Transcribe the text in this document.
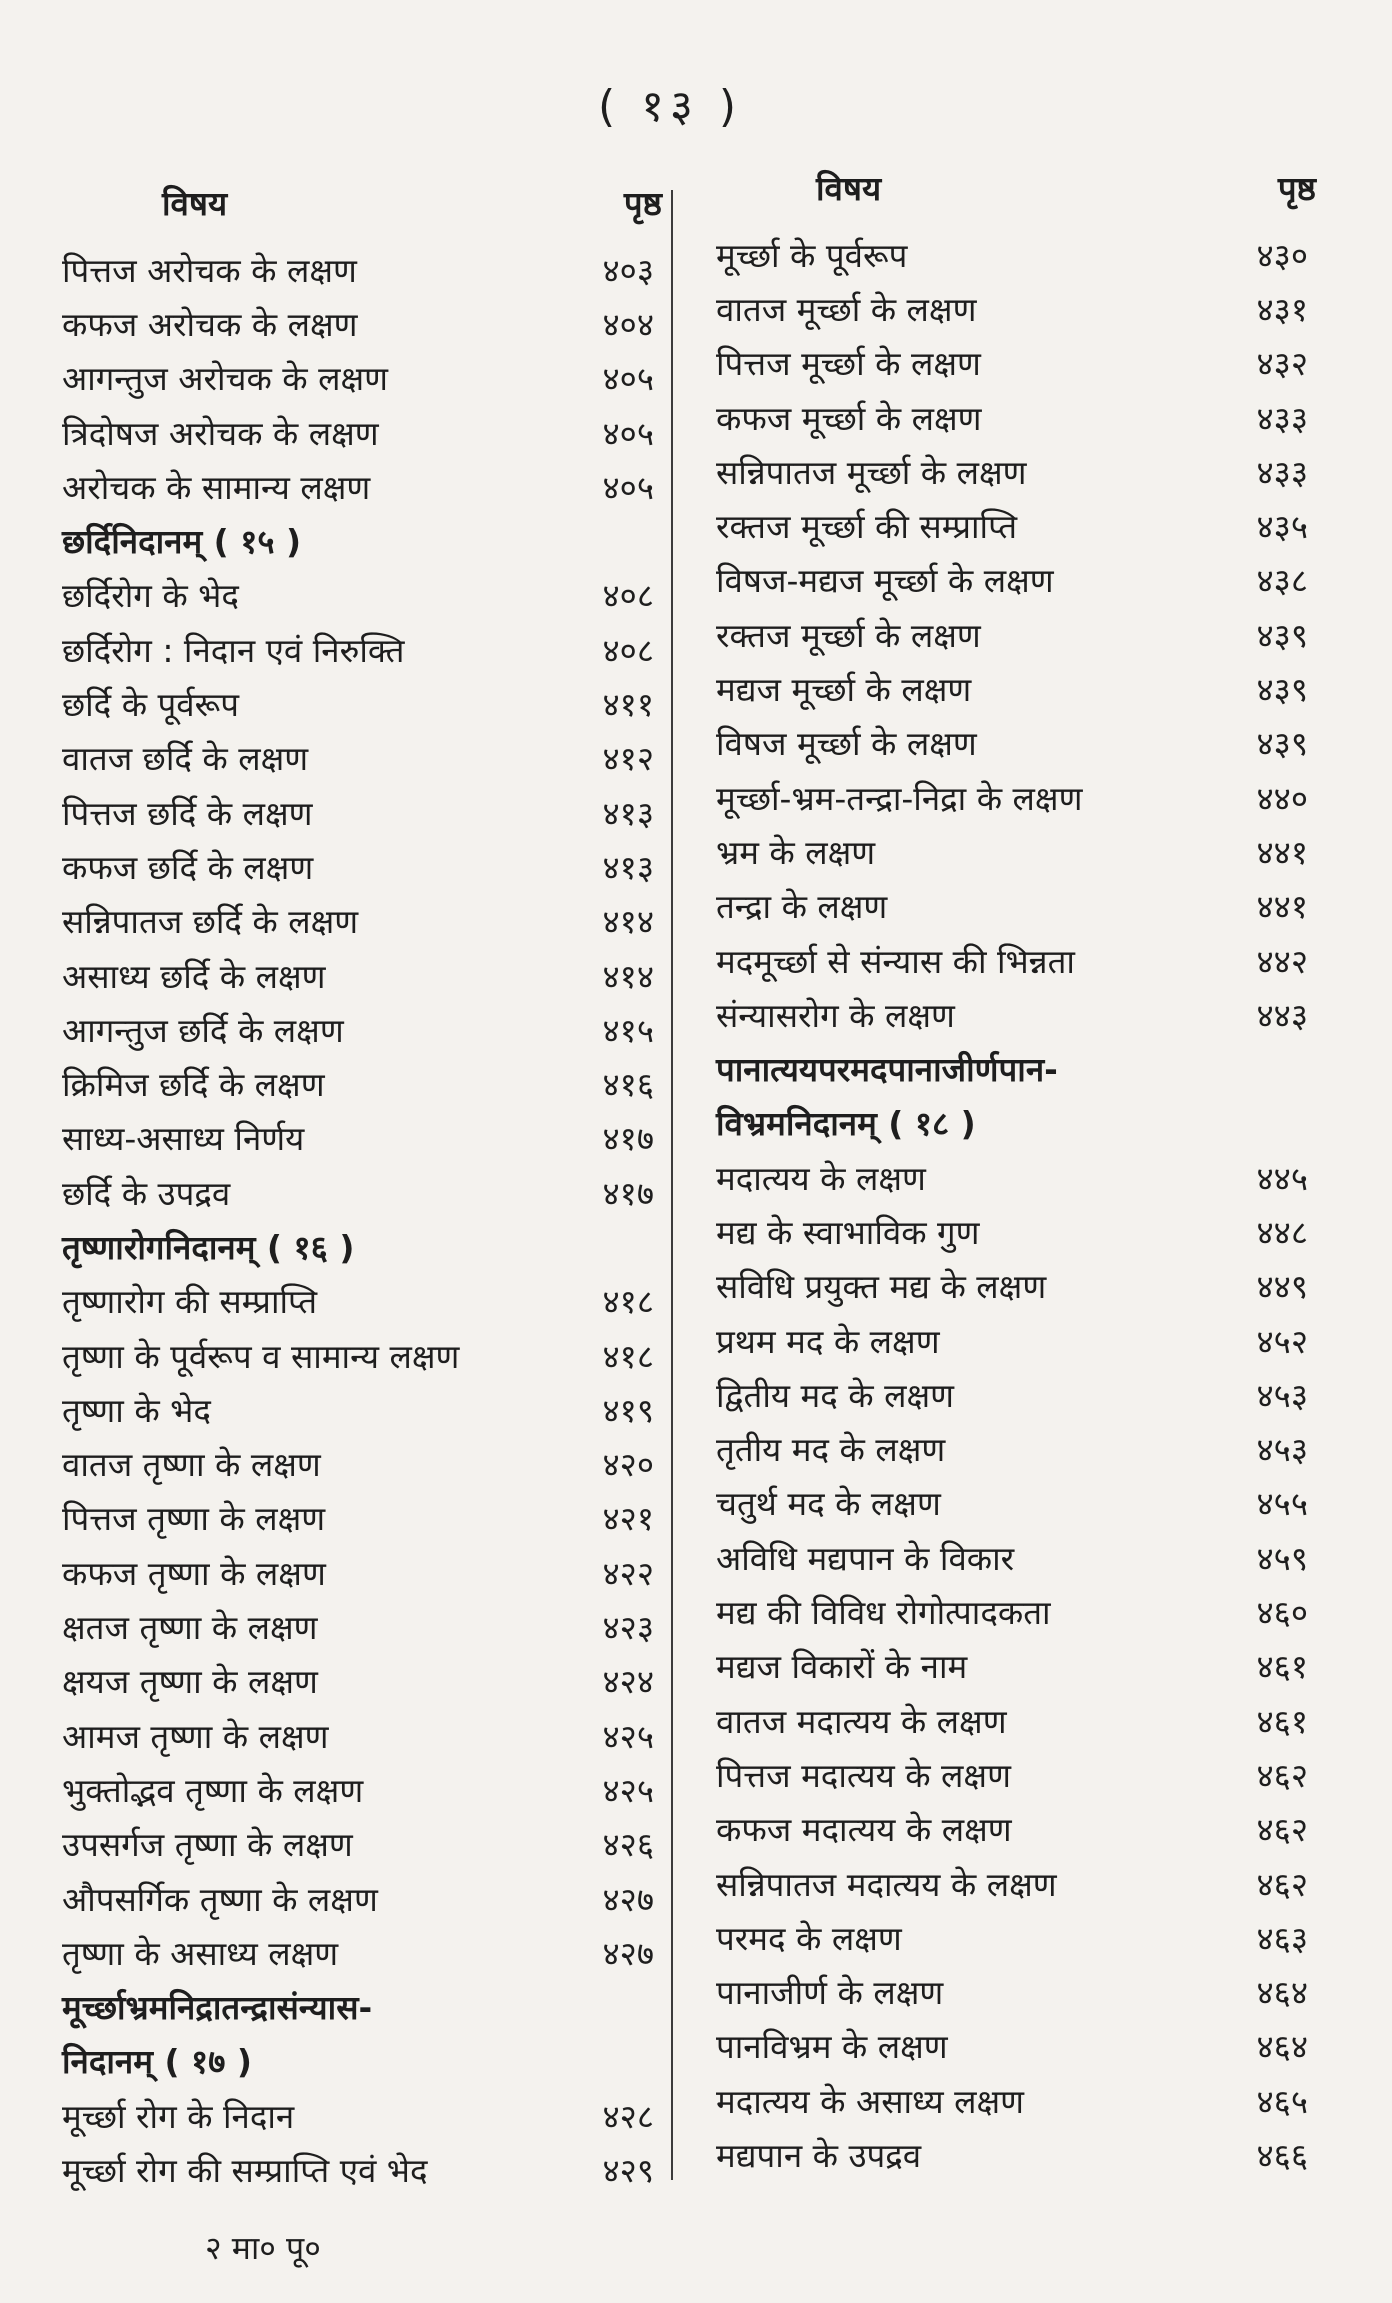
( १३ )
विषय	पृष्ठ
पित्तज अरोचक के लक्षण	४०३
कफज अरोचक के लक्षण	४०४
आगन्तुज अरोचक के लक्षण	४०५
त्रिदोषज अरोचक के लक्षण	४०५
अरोचक के सामान्य लक्षण	४०५
छर्दिनिदानम् ( १५ )
छर्दिरोग के भेद	४०८
छर्दिरोग : निदान एवं निरुक्ति	४०८
छर्दि के पूर्वरूप	४११
वातज छर्दि के लक्षण	४१२
पित्तज छर्दि के लक्षण	४१३
कफज छर्दि के लक्षण	४१३
सन्निपातज छर्दि के लक्षण	४१४
असाध्य छर्दि के लक्षण	४१४
आगन्तुज छर्दि के लक्षण	४१५
क्रिमिज छर्दि के लक्षण	४१६
साध्य-असाध्य निर्णय	४१७
छर्दि के उपद्रव	४१७
तृष्णारोगनिदानम् ( १६ )
तृष्णारोग की सम्प्राप्ति	४१८
तृष्णा के पूर्वरूप व सामान्य लक्षण	४१८
तृष्णा के भेद	४१९
वातज तृष्णा के लक्षण	४२०
पित्तज तृष्णा के लक्षण	४२१
कफज तृष्णा के लक्षण	४२२
क्षतज तृष्णा के लक्षण	४२३
क्षयज तृष्णा के लक्षण	४२४
आमज तृष्णा के लक्षण	४२५
भुक्तोद्भव तृष्णा के लक्षण	४२५
उपसर्गज तृष्णा के लक्षण	४२६
औपसर्गिक तृष्णा के लक्षण	४२७
तृष्णा के असाध्य लक्षण	४२७
मूर्च्छाभ्रमनिद्रातन्द्रासंन्यास-
निदानम् ( १७ )
मूर्च्छा रोग के निदान	४२८
मूर्च्छा रोग की सम्प्राप्ति एवं भेद	४२९
विषय	पृष्ठ
मूर्च्छा के पूर्वरूप	४३०
वातज मूर्च्छा के लक्षण	४३१
पित्तज मूर्च्छा के लक्षण	४३२
कफज मूर्च्छा के लक्षण	४३३
सन्निपातज मूर्च्छा के लक्षण	४३३
रक्तज मूर्च्छा की सम्प्राप्ति	४३५
विषज-मद्यज मूर्च्छा के लक्षण	४३८
रक्तज मूर्च्छा के लक्षण	४३९
मद्यज मूर्च्छा के लक्षण	४३९
विषज मूर्च्छा के लक्षण	४३९
मूर्च्छा-भ्रम-तन्द्रा-निद्रा के लक्षण	४४०
भ्रम के लक्षण	४४१
तन्द्रा के लक्षण	४४१
मदमूर्च्छा से संन्यास की भिन्नता	४४२
संन्यासरोग के लक्षण	४४३
पानात्ययपरमदपानाजीर्णपान-
विभ्रमनिदानम् ( १८ )
मदात्यय के लक्षण	४४५
मद्य के स्वाभाविक गुण	४४८
सविधि प्रयुक्त मद्य के लक्षण	४४९
प्रथम मद के लक्षण	४५२
द्वितीय मद के लक्षण	४५३
तृतीय मद के लक्षण	४५३
चतुर्थ मद के लक्षण	४५५
अविधि मद्यपान के विकार	४५९
मद्य की विविध रोगोत्पादकता	४६०
मद्यज विकारों के नाम	४६१
वातज मदात्यय के लक्षण	४६१
पित्तज मदात्यय के लक्षण	४६२
कफज मदात्यय के लक्षण	४६२
सन्निपातज मदात्यय के लक्षण	४६२
परमद के लक्षण	४६३
पानाजीर्ण के लक्षण	४६४
पानविभ्रम के लक्षण	४६४
मदात्यय के असाध्य लक्षण	४६५
मद्यपान के उपद्रव	४६६
२ मा० पू०
